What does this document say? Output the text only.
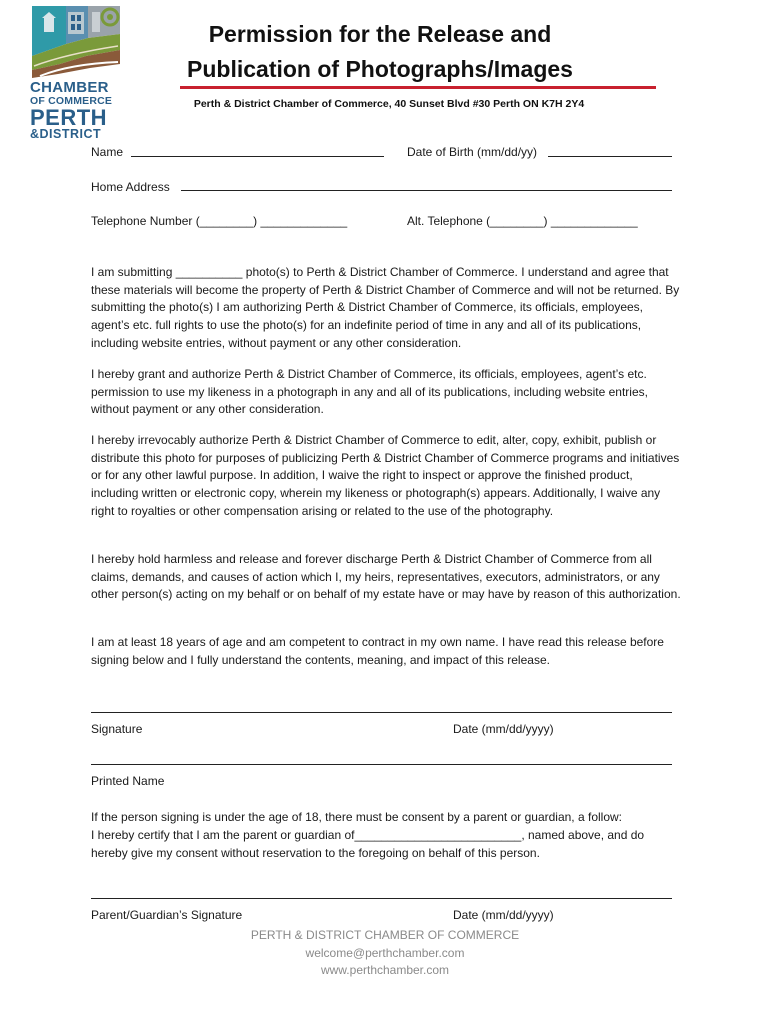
CHAMBER
OF COMMERCE
PERTH
&DISTRICT
Permission for the Release and
Publication of Photographs/Images
Perth & District Chamber of Commerce, 40 Sunset Blvd #30 Perth ON K7H 2Y4
Name	Date of Birth (mm/dd/yy)
Home Address
Telephone Number (________) _____________	Alt. Telephone (________) _____________
I am submitting __________ photo(s) to Perth & District Chamber of Commerce. I understand and agree that these materials will become the property of Perth & District Chamber of Commerce and will not be returned. By submitting the photo(s) I am authorizing Perth & District Chamber of Commerce, its officials, employees, agent’s etc. full rights to use the photo(s) for an indefinite period of time in any and all of its publications, including website entries, without payment or any other consideration.
I hereby grant and authorize Perth & District Chamber of Commerce, its officials, employees, agent’s etc. permission to use my likeness in a photograph in any and all of its publications, including website entries, without payment or any other consideration.
I hereby irrevocably authorize Perth & District Chamber of Commerce to edit, alter, copy, exhibit, publish or distribute this photo for purposes of publicizing Perth & District Chamber of Commerce programs and initiatives or for any other lawful purpose. In addition, I waive the right to inspect or approve the finished product, including written or electronic copy, wherein my likeness or photograph(s) appears. Additionally, I waive any right to royalties or other compensation arising or related to the use of the photography.
I hereby hold harmless and release and forever discharge Perth & District Chamber of Commerce from all claims, demands, and causes of action which I, my heirs, representatives, executors, administrators, or any other person(s) acting on my behalf or on behalf of my estate have or may have by reason of this authorization.
I am at least 18 years of age and am competent to contract in my own name. I have read this release before signing below and I fully understand the contents, meaning, and impact of this release.
Signature	Date (mm/dd/yyyy)
Printed Name
If the person signing is under the age of 18, there must be consent by a parent or guardian, a follow:
I hereby certify that I am the parent or guardian of_________________________, named above, and do hereby give my consent without reservation to the foregoing on behalf of this person.
Parent/Guardian’s Signature	Date (mm/dd/yyyy)
PERTH & DISTRICT CHAMBER OF COMMERCE
welcome@perthchamber.com
www.perthchamber.com
